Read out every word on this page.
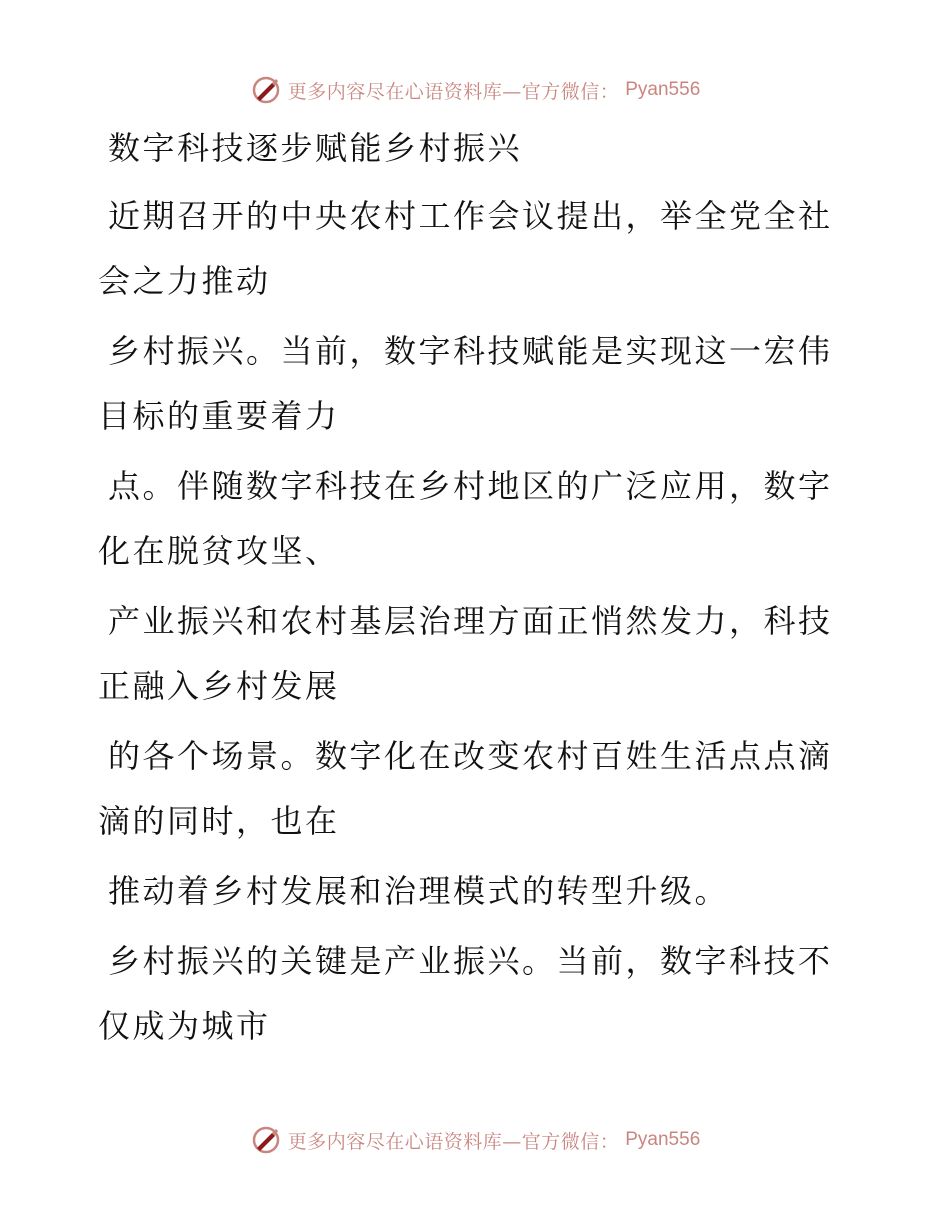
更多内容尽在心语资料库—官方微信： Pyan556

数字科技逐步赋能乡村振兴

近期召开的中央农村工作会议提出，举全党全社
会之力推动
乡村振兴。当前，数字科技赋能是实现这一宏伟
目标的重要着力
点。伴随数字科技在乡村地区的广泛应用，数字
化在脱贫攻坚、
产业振兴和农村基层治理方面正悄然发力，科技
正融入乡村发展
的各个场景。数字化在改变农村百姓生活点点滴
滴的同时，也在
推动着乡村发展和治理模式的转型升级。
乡村振兴的关键是产业振兴。当前，数字科技不
仅成为城市
更多内容尽在心语资料库—官方微信： Pyan556
